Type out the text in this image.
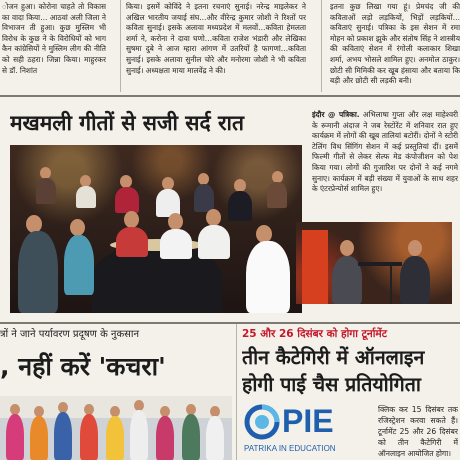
ोजन हुआ। कोरोना चाहते तो विकास का वादा किया… आठवां अली जिला ने विभाजन ती हुआ। कुछ मुस्लिम भी विरोध के कुछ ने के विरोधियों को भाग कैन कांग्रेसियों ने मुस्लिम लीग की नीति को सही ठहरा। जिन्ना किया। माहुरकर से डॉ. निशांत
किया। इसमें कोविंदे ने इतना रचनाएं सुनाई। नरेन्द्र माइलेकर ने अखिल भारतीय जयाई संघ…और वीरेन्द्र कुमार जोशी ने रिश्तों पर कविता सुनाई। इसके अलावा मध्यप्रदेश में मलवों…कविता हेमलता शर्मा ने, करोना ने दावा घणो…कविता राजेश भंडारी और लेखिका सुषमा दुबे ने आज म्हारा आंगण में उतरियों है फागणां…कविता सुनाई। इसके अलावा सुनील चोरे और मनोरमा जोशी ने भी कविता सुनाई। अध्यक्षता माया मालवेंद्र ने की।
इतना कुछ लिखा गया हूं। प्रेमचंद जी की कविताओं लड़ो लड़कियों, भिड़ों लड़कियों… कविताएं सुनाई। पत्रिका के इस सेशन में रमा मोहन को प्रकाश झुके और संतोष सिंह ने शास्त्रीय की कविताएं सेशन में रंगोली कलाकार शिखा शर्मा, अभय भोसले शामिल हुए। अनमोल ठाकुर। छोटी सी मिमिकी कर खूब हंसाया और बताया कि बड़ी और छोटी सी लड़की बनी।
मखमली गीतों से सजी सर्द रात	इंदौर @ पत्रिका. अभिलाषा गुप्ता और लक्ष माहेश्वरी के रूमानी अंदाज ने जब रेस्टोरेंट में शनिवार रात हुए कार्यक्रम में लोगों की खूब तालियां बटोरीं। दोनों ने स्टोरी टेलिंग विथ सिंगिंग सेशन में कई प्रस्तुतियां दीं। इसमें फिल्मी गीतों से लेकर सेल्फ मेड कंपोजीशन को पेश किया गया। लोगों की गुजारिश पर दोनों ने कई नगमे सुनाए। कार्यक्रम में बड़ी संख्या में युवाओं के साथ शहर के एंटरप्रेन्योर्स शामिल हुए।
त्रों ने जाने पर्यावरण प्रदूषण के नुकसान
, नहीं करें 'कचरा'
25 और 26 दिसंबर को होगा टूर्नामेंट
तीन कैटेगिरी में ऑनलाइन
होगी पाई चैस प्रतियोगिता
PIE
PATRIKA IN EDUCATION
क्लिक कर 15 दिसंबर तक रजिस्ट्रेशन करवा सकते हैं। टूर्नामेंट 25 और 26 दिसंबर को तीन कैटेगिरी में ऑनलाइन आयोजित होगा।
